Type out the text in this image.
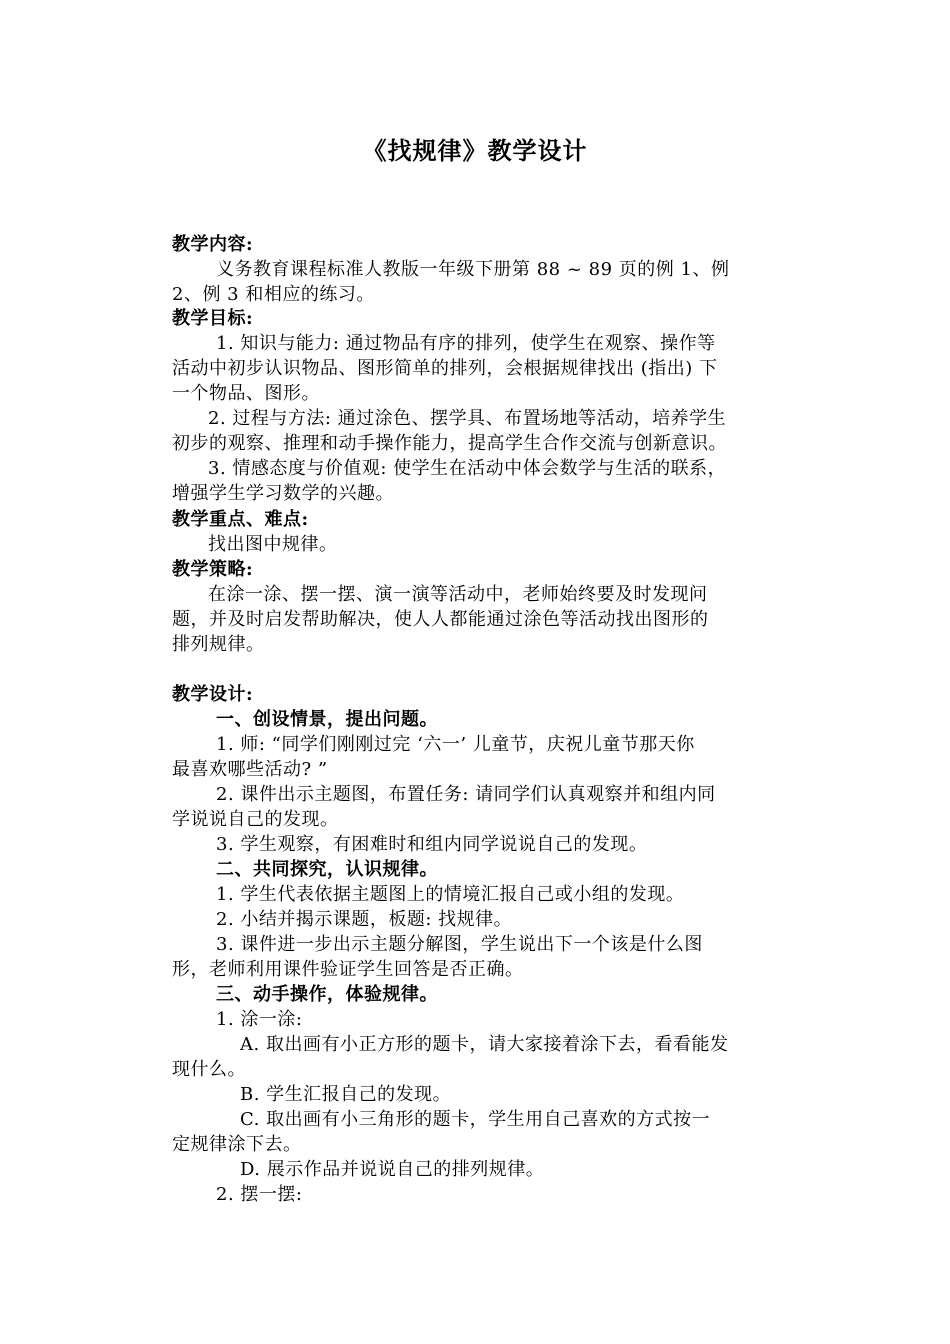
《找规律》教学设计
教学内容:
义务教育课程标准人教版一年级下册第 88 ~ 89 页的例 1、例
2、例 3 和相应的练习。
教学目标:
1. 知识与能力: 通过物品有序的排列，使学生在观察、操作等
活动中初步认识物品、图形简单的排列，会根据规律找出 (指出) 下
一个物品、图形。
2. 过程与方法: 通过涂色、摆学具、布置场地等活动，培养学生
初步的观察、推理和动手操作能力，提高学生合作交流与创新意识。
3. 情感态度与价值观: 使学生在活动中体会数学与生活的联系，
增强学生学习数学的兴趣。
教学重点、难点:
找出图中规律。
教学策略:
在涂一涂、摆一摆、演一演等活动中，老师始终要及时发现问
题，并及时启发帮助解决，使人人都能通过涂色等活动找出图形的
排列规律。
教学设计:
一、创设情景，提出问题。
1. 师: “同学们刚刚过完 ‘六一’ 儿童节，庆祝儿童节那天你
最喜欢哪些活动? ”
2. 课件出示主题图，布置任务: 请同学们认真观察并和组内同
学说说自己的发现。
3. 学生观察，有困难时和组内同学说说自己的发现。
二、共同探究，认识规律。
1. 学生代表依据主题图上的情境汇报自己或小组的发现。
2. 小结并揭示课题，板题: 找规律。
3. 课件进一步出示主题分解图，学生说出下一个该是什么图
形，老师利用课件验证学生回答是否正确。
三、动手操作，体验规律。
1. 涂一涂:
A. 取出画有小正方形的题卡，请大家接着涂下去，看看能发
现什么。
B. 学生汇报自己的发现。
C. 取出画有小三角形的题卡，学生用自己喜欢的方式按一
定规律涂下去。
D. 展示作品并说说自己的排列规律。
2. 摆一摆:
